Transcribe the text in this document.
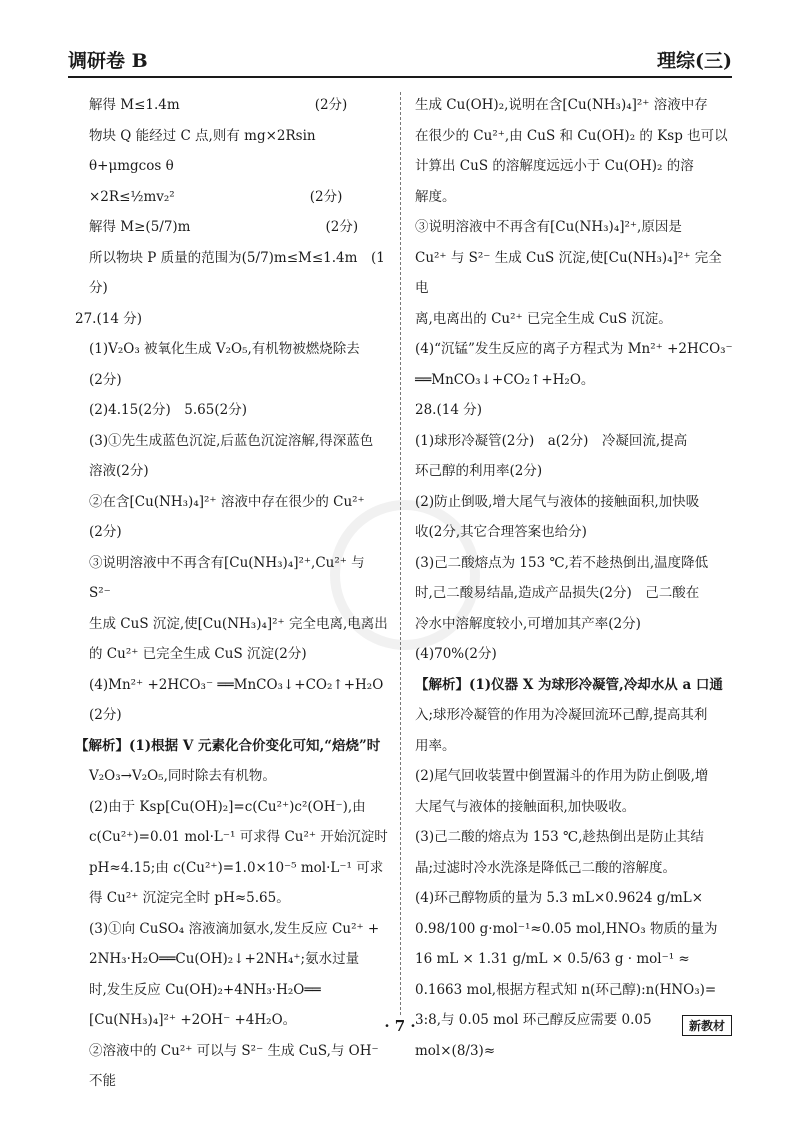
调研卷 B	理综(三)

解得 M≤1.4m　　　　　　　　　　(2分)

物块 Q 能经过 C 点,则有 mg×2Rsin θ+μmgcos θ

×2R≤½mv₂²　　　　　　　　　　(2分)

解得 M≥(5/7)m　　　　　　　　　　(2分)

所以物块 P 质量的范围为(5/7)m≤M≤1.4m　(1分)

27.(14 分)

(1)V₂O₃ 被氧化生成 V₂O₅,有机物被燃烧除去

(2分)

(2)4.15(2分)　5.65(2分)

(3)①先生成蓝色沉淀,后蓝色沉淀溶解,得深蓝色

溶液(2分)

②在含[Cu(NH₃)₄]²⁺ 溶液中存在很少的 Cu²⁺

(2分)

③说明溶液中不再含有[Cu(NH₃)₄]²⁺,Cu²⁺ 与 S²⁻

生成 CuS 沉淀,使[Cu(NH₃)₄]²⁺ 完全电离,电离出

的 Cu²⁺ 已完全生成 CuS 沉淀(2分)

(4)Mn²⁺ +2HCO₃⁻ ══MnCO₃↓+CO₂↑+H₂O

(2分)

【解析】(1)根据 V 元素化合价变化可知,“焙烧”时

V₂O₃→V₂O₅,同时除去有机物。

(2)由于 Ksp[Cu(OH)₂]=c(Cu²⁺)c²(OH⁻),由

c(Cu²⁺)=0.01 mol·L⁻¹ 可求得 Cu²⁺ 开始沉淀时

pH≈4.15;由 c(Cu²⁺)=1.0×10⁻⁵ mol·L⁻¹ 可求

得 Cu²⁺ 沉淀完全时 pH≈5.65。

(3)①向 CuSO₄ 溶液滴加氨水,发生反应 Cu²⁺ +

2NH₃·H₂O══Cu(OH)₂↓+2NH₄⁺;氨水过量

时,发生反应 Cu(OH)₂+4NH₃·H₂O══

[Cu(NH₃)₄]²⁺ +2OH⁻ +4H₂O。

②溶液中的 Cu²⁺ 可以与 S²⁻ 生成 CuS,与 OH⁻ 不能

生成 Cu(OH)₂,说明在含[Cu(NH₃)₄]²⁺ 溶液中存

在很少的 Cu²⁺,由 CuS 和 Cu(OH)₂ 的 Ksp 也可以

计算出 CuS 的溶解度远远小于 Cu(OH)₂ 的溶

解度。

③说明溶液中不再含有[Cu(NH₃)₄]²⁺,原因是

Cu²⁺ 与 S²⁻ 生成 CuS 沉淀,使[Cu(NH₃)₄]²⁺ 完全电

离,电离出的 Cu²⁺ 已完全生成 CuS 沉淀。

(4)“沉锰”发生反应的离子方程式为 Mn²⁺ +2HCO₃⁻

══MnCO₃↓+CO₂↑+H₂O。

28.(14 分)

(1)球形冷凝管(2分)　a(2分)　冷凝回流,提高

环己醇的利用率(2分)

(2)防止倒吸,增大尾气与液体的接触面积,加快吸

收(2分,其它合理答案也给分)

(3)己二酸熔点为 153 ℃,若不趁热倒出,温度降低

时,己二酸易结晶,造成产品损失(2分)　己二酸在

冷水中溶解度较小,可增加其产率(2分)

(4)70%(2分)

【解析】(1)仪器 X 为球形冷凝管,冷却水从 a 口通

入;球形冷凝管的作用为冷凝回流环己醇,提高其利

用率。

(2)尾气回收装置中倒置漏斗的作用为防止倒吸,增

大尾气与液体的接触面积,加快吸收。

(3)己二酸的熔点为 153 ℃,趁热倒出是防止其结

晶;过滤时冷水洗涤是降低己二酸的溶解度。

(4)环己醇物质的量为 5.3 mL×0.9624 g/mL×

0.98/100 g·mol⁻¹≈0.05 mol,HNO₃ 物质的量为

16 mL × 1.31 g/mL × 0.5/63 g · mol⁻¹ ≈

0.1663 mol,根据方程式知 n(环己醇):n(HNO₃)=

3:8,与 0.05 mol 环己醇反应需要 0.05 mol×(8/3)≈

· 7 ·	新教材
